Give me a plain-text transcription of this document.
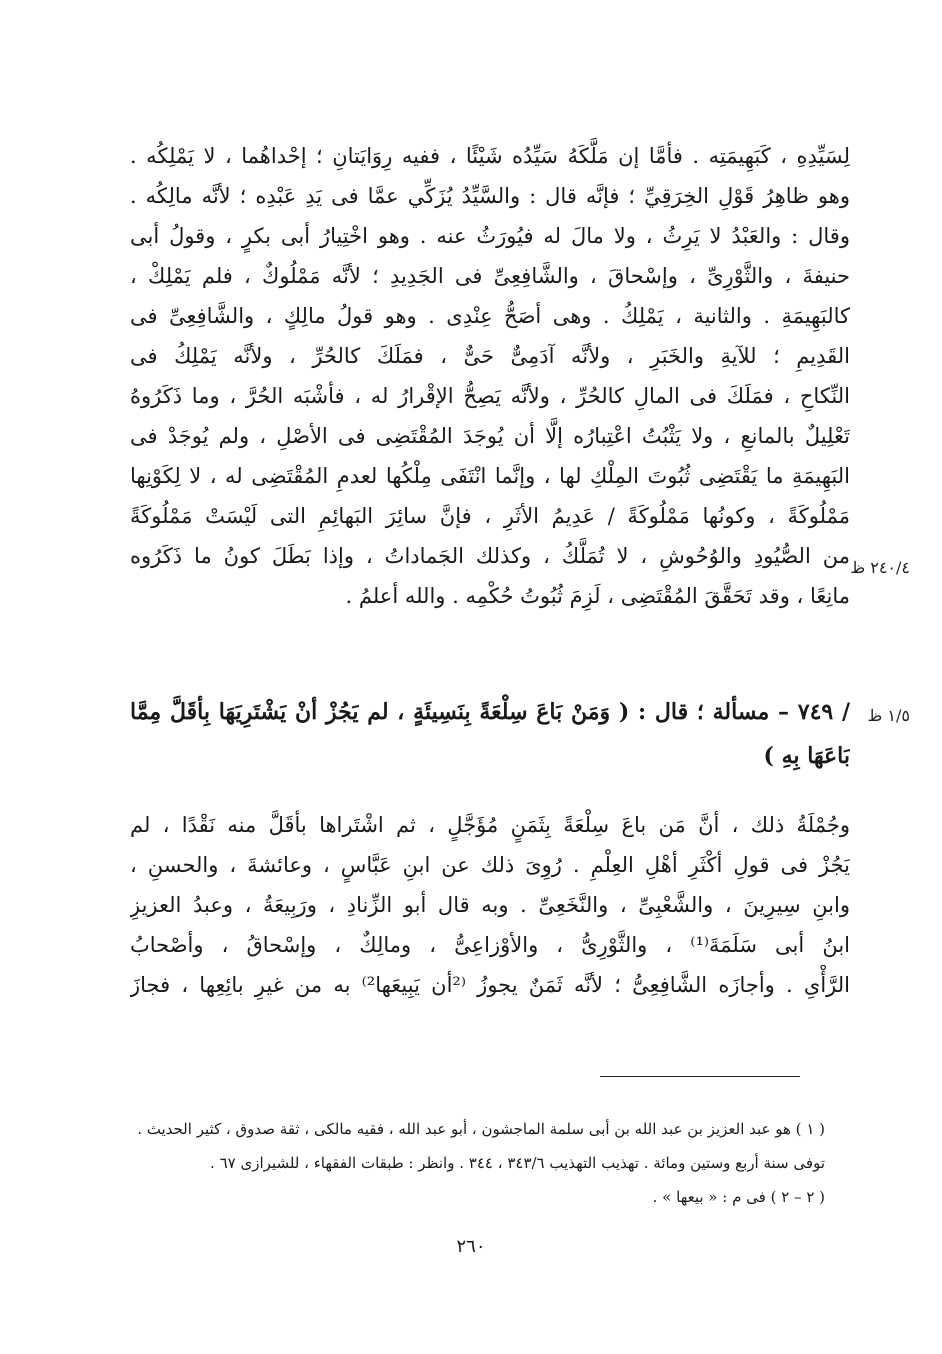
لِسَيِّدِهِ ، كَبَهِيمَتِه . فأمَّا إن مَلَّكَهُ سَيِّدُه شَيْئًا ، ففيه رِوَايَتانِ ؛ إحْداهُما ، لا يَمْلِكُه .
وهو ظاهِرُ قَوْلِ الخِرَقِيِّ ؛ فإنَّه قال : والسَّيِّدُ يُزَكِّي عمَّا فى يَدِ عَبْدِه ؛ لأنَّه مالِكُه .
وقال : والعَبْدُ لا يَرِثُ ، ولا مالَ له فيُورَثُ عنه . وهو اخْتِيارُ أبى بكرٍ ، وقولُ أبى
حنيفةَ ، والثَّوْرِىِّ ، وإسْحاقَ ، والشَّافِعِىِّ فى الجَدِيدِ ؛ لأنَّه مَمْلُوكٌ ، فلم يَمْلِكْ ،
كالبَهِيمَةِ . والثانية ، يَمْلِكُ . وهى أصَحُّ عِنْدِى . وهو قولُ مالِكٍ ، والشَّافِعِىِّ فى
القَدِيمِ ؛ للآيةِ والخَبَرِ ، ولأنَّه آدَمِىٌّ حَىٌّ ، فمَلَكَ كالحُرِّ ، ولأنَّه يَمْلِكُ فى
النِّكاحِ ، فمَلَكَ فى المالِ كالحُرِّ ، ولأنَّه يَصِحُّ الإقْرارُ له ، فأشْبَه الحُرَّ ، وما ذَكَرُوهُ
تَعْلِيلٌ بالمانعِ ، ولا يَثْبُتُ اعْتِبارُه إلَّا أن يُوجَدَ المُقْتَضِى فى الأصْلِ ، ولم يُوجَدْ فى
البَهِيمَةِ ما يَقْتَضِى ثُبُوتَ المِلْكِ لها ، وإنَّما انْتَفَى مِلْكُها لعدمِ المُقْتَضِى له ، لا لِكَوْنِها
مَمْلُوكَةً ، وكونُها مَمْلُوكَةً / عَدِيمُ الأثَرِ ، فإنَّ سائِرَ البَهائِمِ التى لَيْسَتْ مَمْلُوكَةً
من الصُّيُودِ والوُحُوشِ ، لا تُمَلَّكُ ، وكذلك الجَماداتُ ، وإذا بَطَلَ كونُ ما ذَكَرُوه
مانِعًا ، وقد تَحَقَّقَ المُقْتَضِى ، لَزِمَ ثُبُوتُ حُكْمِه . والله أعلمُ .
٢٤٠/٤ ظ
١/٥ ظ
/ ٧٤٩ – مسألة ؛ قال : ( وَمَنْ بَاعَ سِلْعَةً بِنَسِيئَةٍ ، لم يَجُزْ أنْ يَشْتَرِيَهَا بِأقَلَّ مِمَّا
بَاعَهَا بِهِ )
وجُمْلَةُ ذلك ، أنَّ مَن باعَ سِلْعَةً بِثَمَنٍ مُؤَجَّلٍ ، ثم اشْتَراها بأقَلَّ منه نَقْدًا ، لم
يَجُزْ فى قولِ أكْثَرِ أهْلِ العِلْمِ . رُوِىَ ذلك عن ابنِ عَبَّاسٍ ، وعائشةَ ، والحسنِ ،
وابنِ سِيرِينَ ، والشَّعْبِىِّ ، والنَّخَعِىِّ . وبه قال أبو الزِّنادِ ، ورَبِيعَةُ ، وعبدُ العزيزِ
ابنُ أبى سَلَمَةَ⁽¹⁾ ، والثَّوْرِىُّ ، والأوْزاعِىُّ ، ومالِكٌ ، وإسْحاقُ ، وأصْحابُ
الرَّأْىِ . وأجازَه الشَّافِعِىُّ ؛ لأنَّه ثَمَنٌ يجوزُ ⁽²أن يَبِيعَها²⁾ به من غيرِ بائِعِها ، فجازَ
( ١ ) هو عبد العزيز بن عبد الله بن أبى سلمة الماجشون ، أبو عبد الله ، فقيه مالكى ، ثقة صدوق ، كثير الحديث .
توفى سنة أربع وستين ومائة . تهذيب التهذيب ٣٤٣/٦ ، ٣٤٤ . وانظر : طبقات الفقهاء ، للشيرازى ٦٧ .
( ٢ – ٢ ) فى م : « بيعها » .
٢٦٠
